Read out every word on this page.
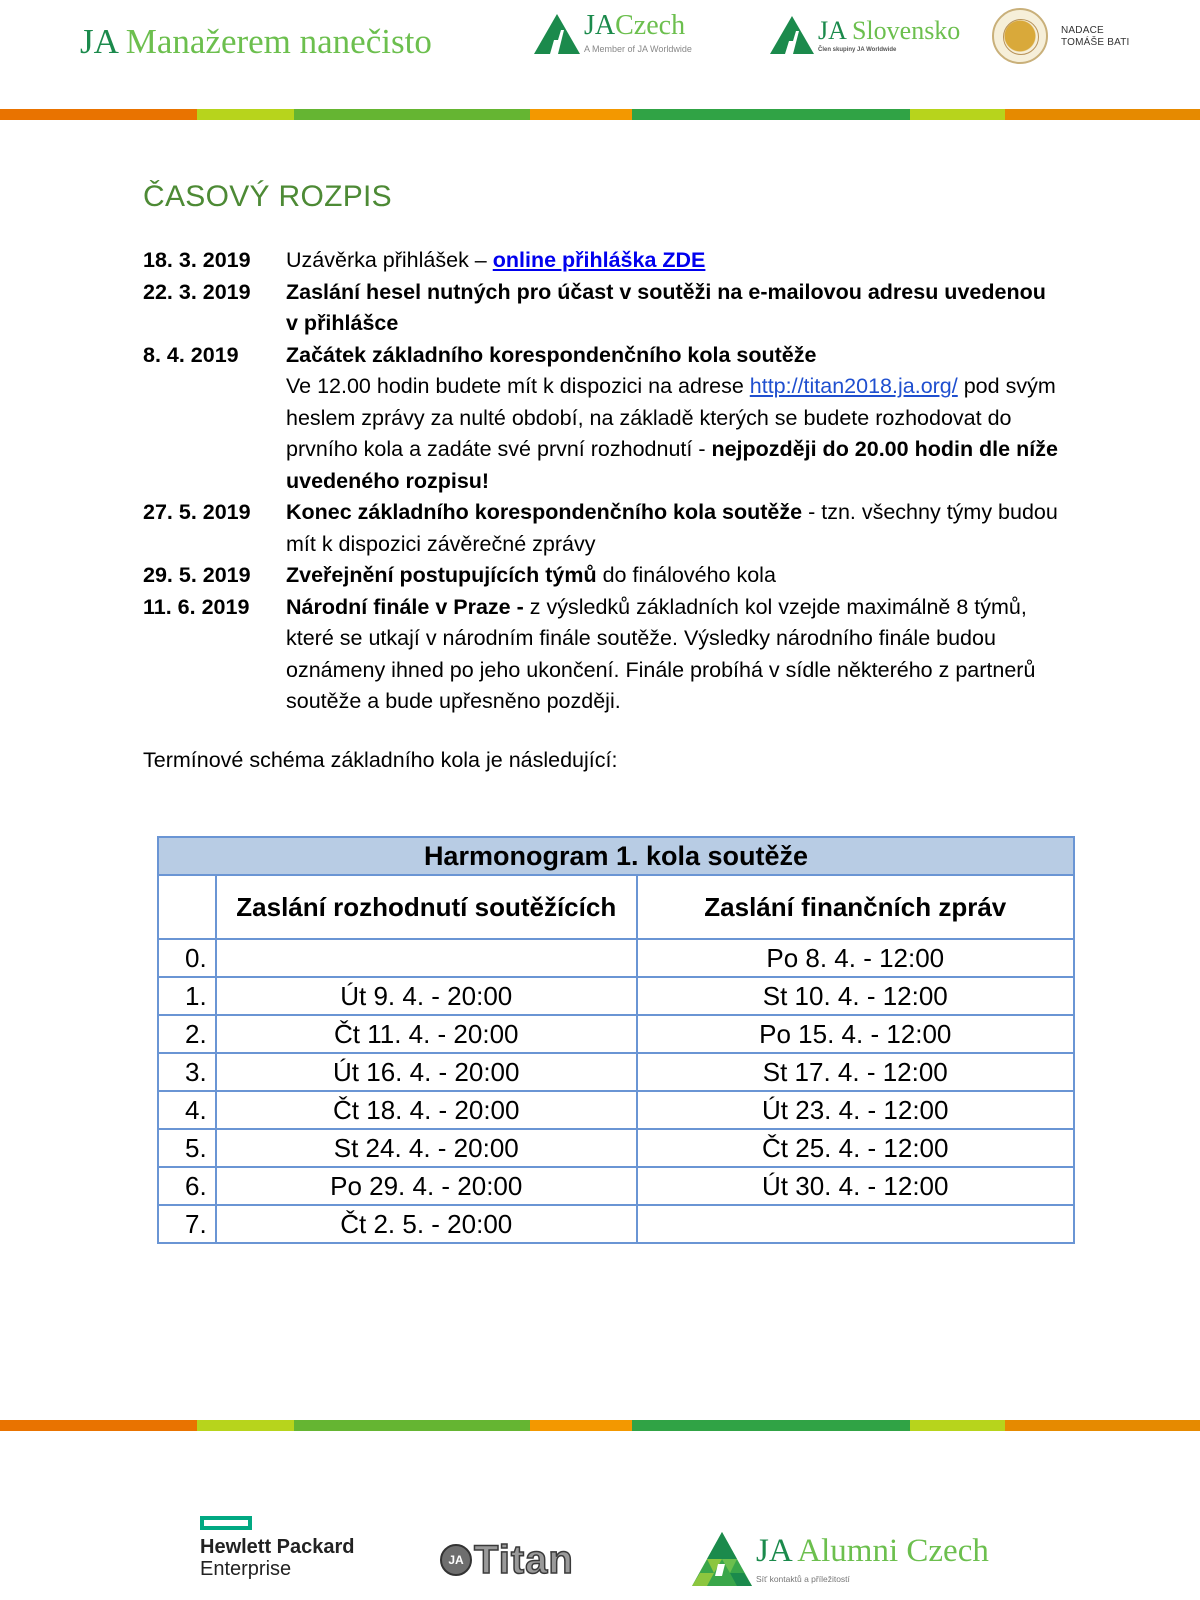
JA Manažerem nanečisto	JACzech
A Member of JA Worldwide
JA Slovensko
Člen skupiny JA Worldwide
NADACE
TOMÁŠE BATI
ČASOVÝ ROZPIS
18. 3. 2019	Uzávěrka přihlášek – online přihláška ZDE
22. 3. 2019	Zaslání hesel nutných pro účast v soutěži na e-mailovou adresu uvedenou v přihlášce
8. 4. 2019	Začátek základního korespondenčního kola soutěže
Ve 12.00 hodin budete mít k dispozici na adrese http://titan2018.ja.org/ pod svým heslem zprávy za nulté období, na základě kterých se budete rozhodovat do prvního kola a zadáte své první rozhodnutí - nejpozději do 20.00 hodin dle níže uvedeného rozpisu!
27. 5. 2019	Konec základního korespondenčního kola soutěže - tzn. všechny týmy budou mít k dispozici závěrečné zprávy
29. 5. 2019	Zveřejnění postupujících týmů do finálového kola
11. 6. 2019	Národní finále v Praze - z výsledků základních kol vzejde maximálně 8 týmů, které se utkají v národním finále soutěže. Výsledky národního finále budou oznámeny ihned po jeho ukončení. Finále probíhá v sídle některého z partnerů soutěže a bude upřesněno později.
Termínové schéma základního kola je následující:
Harmonogram 1. kola soutěže		
	Zaslání rozhodnutí soutěžících	Zaslání finančních zpráv
0.		Po 8. 4. - 12:00
1.	Út 9. 4. - 20:00	St 10. 4. - 12:00
2.	Čt 11. 4. - 20:00	Po 15. 4. - 12:00
3.	Út 16. 4. - 20:00	St 17. 4. - 12:00
4.	Čt 18. 4. - 20:00	Út 23. 4. - 12:00
5.	St 24. 4. - 20:00	Čt 25. 4. - 12:00
6.	Po 29. 4. - 20:00	Út 30. 4. - 12:00
7.	Čt 2. 5. - 20:00	
Hewlett Packard
Enterprise	JA Titan	JA Alumni Czech
Síť kontaktů a příležitostí
